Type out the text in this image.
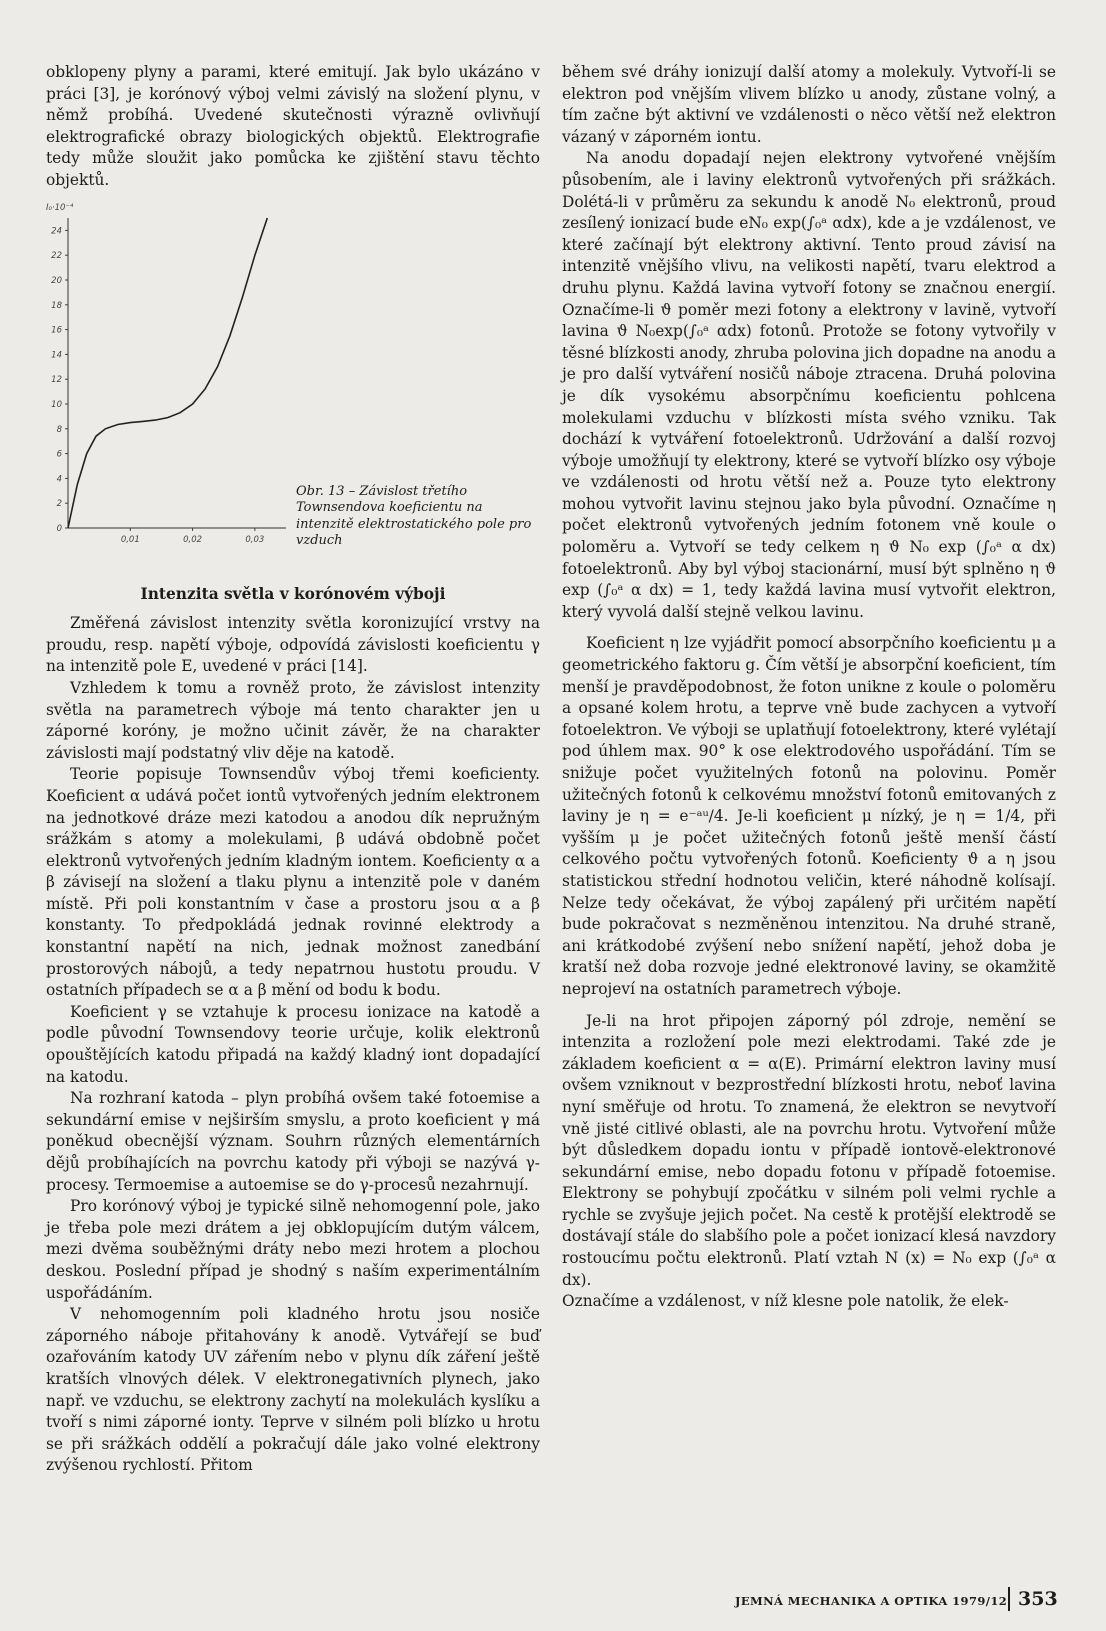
obklopeny plyny a parami, které emitují. Jak bylo ukázáno v práci [3], je korónový výboj velmi závislý na složení plynu, v němž probíhá. Uvedené skutečnosti výrazně ovlivňují elektrografické obrazy biologických objektů. Elektrografie tedy může sloužit jako pomůcka ke zjištění stavu těchto objektů.

0
2
4
6
8
10
12
14
16
18
20
22
24
0,01	0,02	0,03
I₀·10⁻⁴
Obr. 13 – Závislost třetího Townsendova koeficientu na intenzitě elektrostatického pole pro vzduch
Intenzita světla v korónovém výboji

Změřená závislost intenzity světla koronizující vrstvy na proudu, resp. napětí výboje, odpovídá závislosti koeficientu γ na intenzitě pole E, uvedené v práci [14].

Vzhledem k tomu a rovněž proto, že závislost intenzity světla na parametrech výboje má tento charakter jen u záporné koróny, je možno učinit závěr, že na charakter závislosti mají podstatný vliv děje na katodě.

Teorie popisuje Townsendův výboj třemi koeficienty. Koeficient α udává počet iontů vytvořených jedním elektronem na jednotkové dráze mezi katodou a anodou dík nepružným srážkám s atomy a molekulami, β udává obdobně počet elektronů vytvořených jedním kladným iontem. Koeficienty α a β závisejí na složení a tlaku plynu a intenzitě pole v daném místě. Při poli konstantním v čase a prostoru jsou α a β konstanty. To předpokládá jednak rovinné elektrody a konstantní napětí na nich, jednak možnost zanedbání prostorových nábojů, a tedy nepatrnou hustotu proudu. V ostatních případech se α a β mění od bodu k bodu.

Koeficient γ se vztahuje k procesu ionizace na katodě a podle původní Townsendovy teorie určuje, kolik elektronů opouštějících katodu připadá na každý kladný iont dopadající na katodu.

Na rozhraní katoda – plyn probíhá ovšem také fotoemise a sekundární emise v nejširším smyslu, a proto koeficient γ má poněkud obecnější význam. Souhrn různých elementárních dějů probíhajících na povrchu katody při výboji se nazývá γ-procesy. Termoemise a autoemise se do γ-procesů nezahrnují.

Pro korónový výboj je typické silně nehomogenní pole, jako je třeba pole mezi drátem a jej obklopujícím dutým válcem, mezi dvěma souběžnými dráty nebo mezi hrotem a plochou deskou. Poslední případ je shodný s naším experimentálním uspořádáním.

V nehomogenním poli kladného hrotu jsou nosiče záporného náboje přitahovány k anodě. Vytvářejí se buď ozařováním katody UV zářením nebo v plynu dík záření ještě kratších vlnových délek. V elektronegativních plynech, jako např. ve vzduchu, se elektrony zachytí na molekulách kyslíku a tvoří s nimi záporné ionty. Teprve v silném poli blízko u hrotu se při srážkách oddělí a pokračují dále jako volné elektrony zvýšenou rychlostí. Přitom

během své dráhy ionizují další atomy a molekuly. Vytvoří-li se elektron pod vnějším vlivem blízko u anody, zůstane volný, a tím začne být aktivní ve vzdálenosti o něco větší než elektron vázaný v záporném iontu.

Na anodu dopadají nejen elektrony vytvořené vnějším působením, ale i laviny elektronů vytvořených při srážkách. Dolétá-li v průměru za sekundu k anodě N₀ elektronů, proud zesílený ionizací bude eN₀ exp(∫₀ᵃ αdx), kde a je vzdálenost, ve které začínají být elektrony aktivní. Tento proud závisí na intenzitě vnějšího vlivu, na velikosti napětí, tvaru elektrod a druhu plynu. Každá lavina vytvoří fotony se značnou energií. Označíme-li ϑ poměr mezi fotony a elektrony v lavině, vytvoří lavina ϑ N₀exp(∫₀ᵃ αdx) fotonů. Protože se fotony vytvořily v těsné blízkosti anody, zhruba polovina jich dopadne na anodu a je pro další vytváření nosičů náboje ztracena. Druhá polovina je dík vysokému absorpčnímu koeficientu pohlcena molekulami vzduchu v blízkosti místa svého vzniku. Tak dochází k vytváření fotoelektronů. Udržování a další rozvoj výboje umožňují ty elektrony, které se vytvoří blízko osy výboje ve vzdálenosti od hrotu větší než a. Pouze tyto elektrony mohou vytvořit lavinu stejnou jako byla původní. Označíme η počet elektronů vytvořených jedním fotonem vně koule o poloměru a. Vytvoří se tedy celkem η ϑ N₀ exp (∫₀ᵃ α dx) fotoelektronů. Aby byl výboj stacionární, musí být splněno η ϑ exp (∫₀ᵃ α dx) = 1, tedy každá lavina musí vytvořit elektron, který vyvolá další stejně velkou lavinu.

Koeficient η lze vyjádřit pomocí absorpčního koeficientu μ a geometrického faktoru g. Čím větší je absorpční koeficient, tím menší je pravděpodobnost, že foton unikne z koule o poloměru a opsané kolem hrotu, a teprve vně bude zachycen a vytvoří fotoelektron. Ve výboji se uplatňují fotoelektrony, které vylétají pod úhlem max. 90° k ose elektrodového uspořádání. Tím se snižuje počet využitelných fotonů na polovinu. Poměr užitečných fotonů k celkovému množství fotonů emitovaných z laviny je η = e⁻ᵃᵘ/4. Je-li koeficient μ nízký, je η = 1/4, při vyšším μ je počet užitečných fotonů ještě menší částí celkového počtu vytvořených fotonů. Koeficienty ϑ a η jsou statistickou střední hodnotou veličin, které náhodně kolísají. Nelze tedy očekávat, že výboj zapálený při určitém napětí bude pokračovat s nezměněnou intenzitou. Na druhé straně, ani krátkodobé zvýšení nebo snížení napětí, jehož doba je kratší než doba rozvoje jedné elektronové laviny, se okamžitě neprojeví na ostatních parametrech výboje.

Je-li na hrot připojen záporný pól zdroje, nemění se intenzita a rozložení pole mezi elektrodami. Také zde je základem koeficient α = α(E). Primární elektron laviny musí ovšem vzniknout v bezprostřední blízkosti hrotu, neboť lavina nyní směřuje od hrotu. To znamená, že elektron se nevytvoří vně jisté citlivé oblasti, ale na povrchu hrotu. Vytvoření může být důsledkem dopadu iontu v případě iontově-elektronové sekundární emise, nebo dopadu fotonu v případě fotoemise. Elektrony se pohybují zpočátku v silném poli velmi rychle a rychle se zvyšuje jejich počet. Na cestě k protější elektrodě se dostávají stále do slabšího pole a počet ionizací klesá navzdory rostoucímu počtu elektronů. Platí vztah N (x) = N₀ exp (∫₀ᵃ α dx).

Označíme a vzdálenost, v níž klesne pole natolik, že elek-

JEMNÁ MECHANIKA A OPTIKA 1979/12 353
